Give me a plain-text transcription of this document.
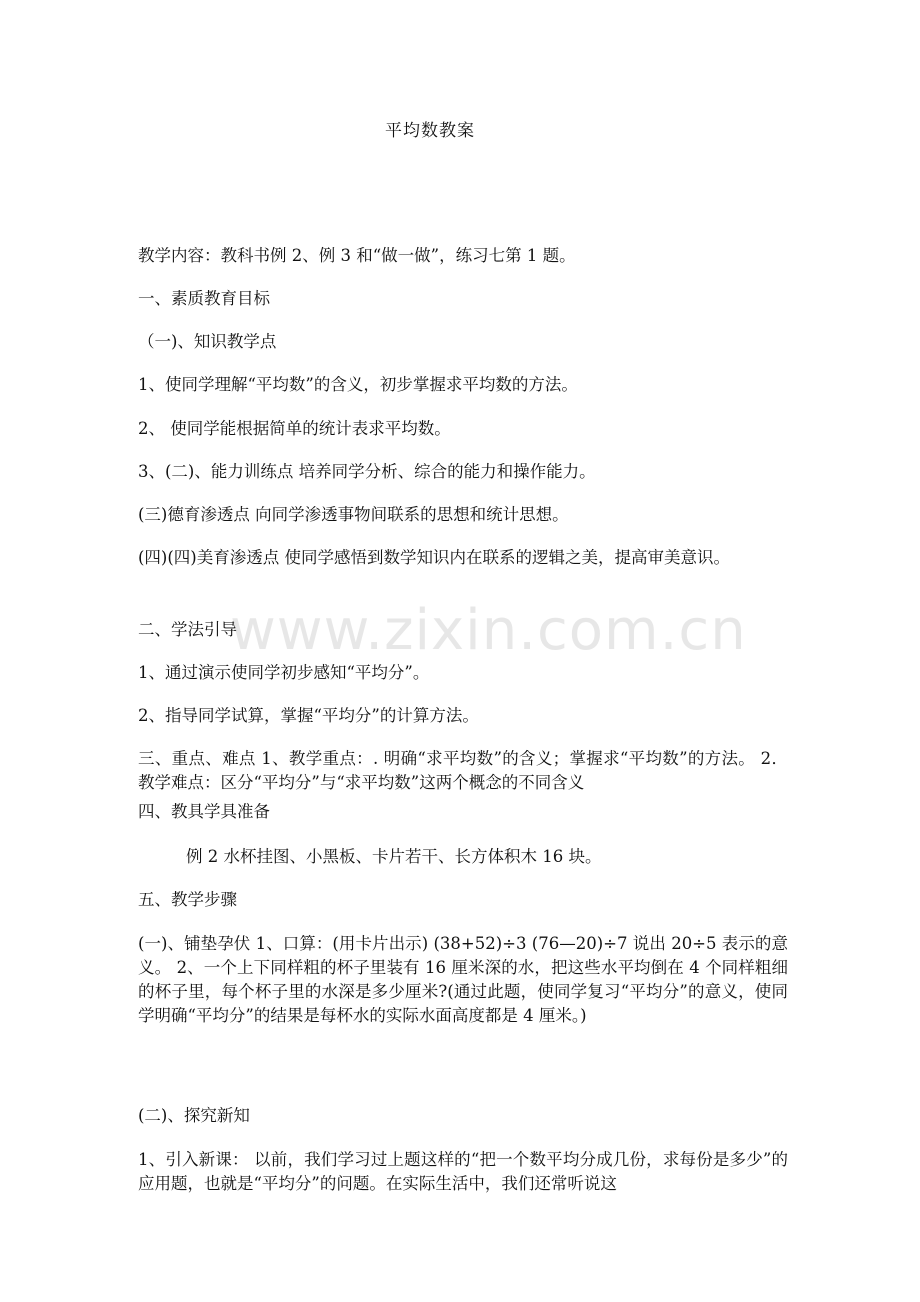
平均数教案
教学内容：教科书例 2、例 3 和“做一做”，练习七第 1 题。
一、素质教育目标
（一)、知识教学点
1、使同学理解“平均数”的含义，初步掌握求平均数的方法。
2、 使同学能根据简单的统计表求平均数。
3、(二)、能力训练点 培养同学分析、综合的能力和操作能力。
(三)德育渗透点 向同学渗透事物间联系的思想和统计思想。
(四)(四)美育渗透点 使同学感悟到数学知识内在联系的逻辑之美，提高审美意识。
二、学法引导
1、通过演示使同学初步感知“平均分”。
2、指导同学试算，掌握“平均分”的计算方法。
三、重点、难点 1、教学重点：. 明确“求平均数”的含义；掌握求“平均数”的方法。 2．教学难点：区分“平均分”与“求平均数”这两个概念的不同含义
四、教具学具准备
例 2 水杯挂图、小黑板、卡片若干、长方体积木 16 块。
五、教学步骤
(一)、铺垫孕伏 1、口算：(用卡片出示) (38+52)÷3 (76—20)÷7 说出 20÷5 表示的意义。 2、一个上下同样粗的杯子里装有 16 厘米深的水，把这些水平均倒在 4 个同样粗细的杯子里，每个杯子里的水深是多少厘米?(通过此题，使同学复习“平均分”的意义，使同学明确“平均分”的结果是每杯水的实际水面高度都是 4 厘米。)
(二)、探究新知
1、引入新课： 以前，我们学习过上题这样的“把一个数平均分成几份，求每份是多少”的应用题，也就是“平均分”的问题。在实际生活中，我们还常听说这
www.zixin.com.cn
